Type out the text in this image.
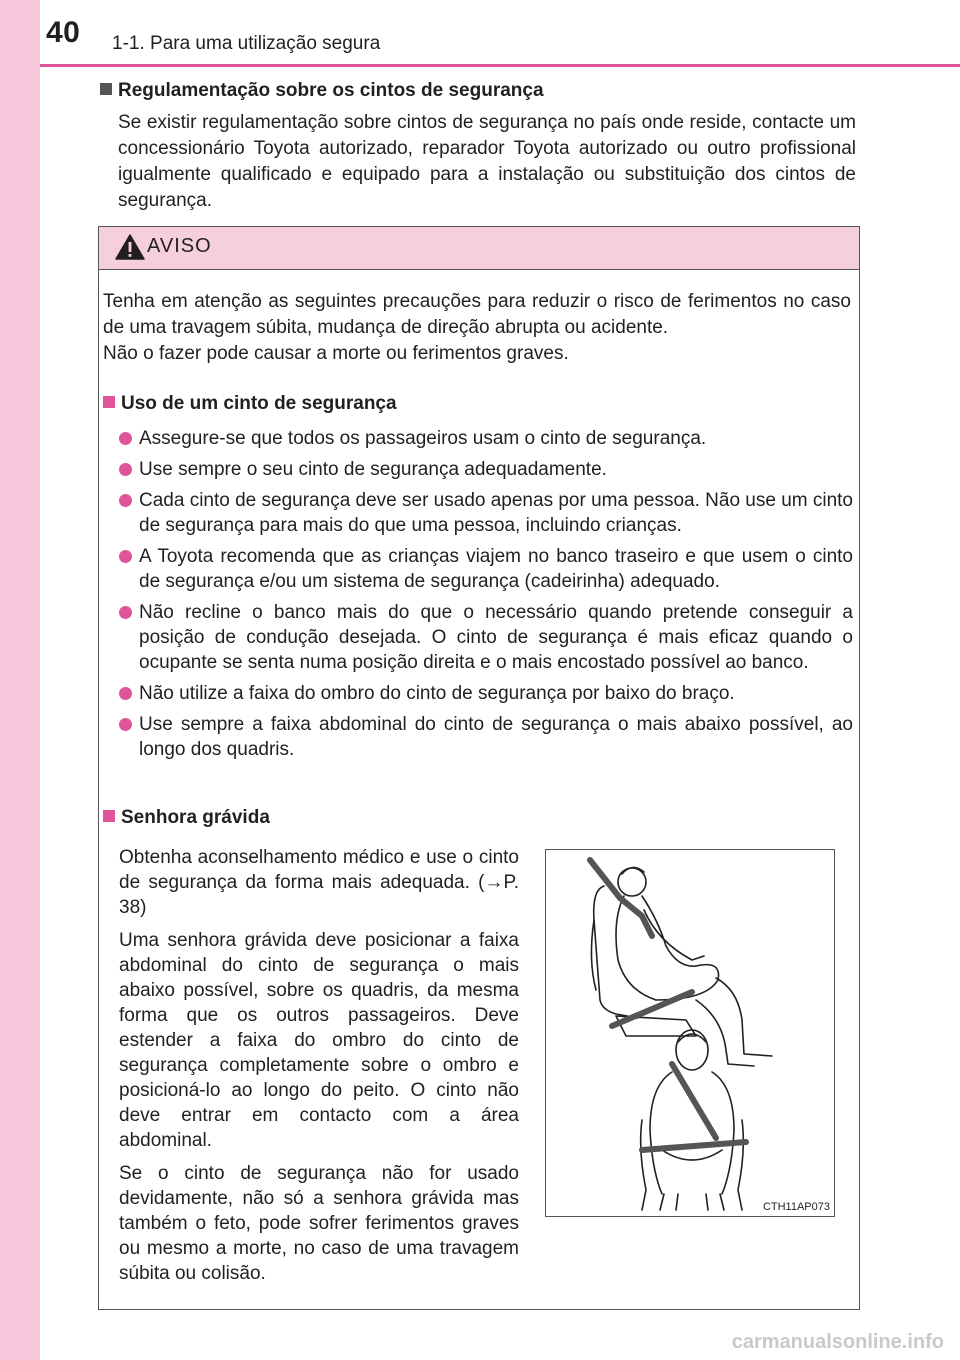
40 1-1. Para uma utilização segura
Regulamentação sobre os cintos de segurança
Se existir regulamentação sobre cintos de segurança no país onde reside, contacte um concessionário Toyota autorizado, reparador Toyota autorizado ou outro profissional igualmente qualificado e equipado para a instalação ou substituição dos cintos de segurança.
AVISO

Tenha em atenção as seguintes precauções para reduzir o risco de ferimentos no caso de uma travagem súbita, mudança de direção abrupta ou acidente.

Não o fazer pode causar a morte ou ferimentos graves.

Uso de um cinto de segurança
Assegure-se que todos os passageiros usam o cinto de segurança.
Use sempre o seu cinto de segurança adequadamente.
Cada cinto de segurança deve ser usado apenas por uma pessoa. Não use um cinto de segurança para mais do que uma pessoa, incluindo crianças.
A Toyota recomenda que as crianças viajem no banco traseiro e que usem o cinto de segurança e/ou um sistema de segurança (cadeirinha) adequado.
Não recline o banco mais do que o necessário quando pretende conseguir a posição de condução desejada. O cinto de segurança é mais eficaz quando o ocupante se senta numa posição direita e o mais encostado possível ao banco.
Não utilize a faixa do ombro do cinto de segurança por baixo do braço.
Use sempre a faixa abdominal do cinto de segurança o mais abaixo possível, ao longo dos quadris.
Senhora grávida

Obtenha aconselhamento médico e use o cinto de segurança da forma mais adequada. (→P. 38)

Uma senhora grávida deve posicionar a faixa abdominal do cinto de segurança o mais abaixo possível, sobre os quadris, da mesma forma que os outros passageiros. Deve estender a faixa do ombro do cinto de segurança completamente sobre o ombro e posicioná-lo ao longo do peito. O cinto não deve entrar em contacto com a área abdominal.

Se o cinto de segurança não for usado devidamente, não só a senhora grávida mas também o feto, pode sofrer ferimentos graves ou mesmo a morte, no caso de uma travagem súbita ou colisão.

CTH11AP073
carmanualsonline.info
